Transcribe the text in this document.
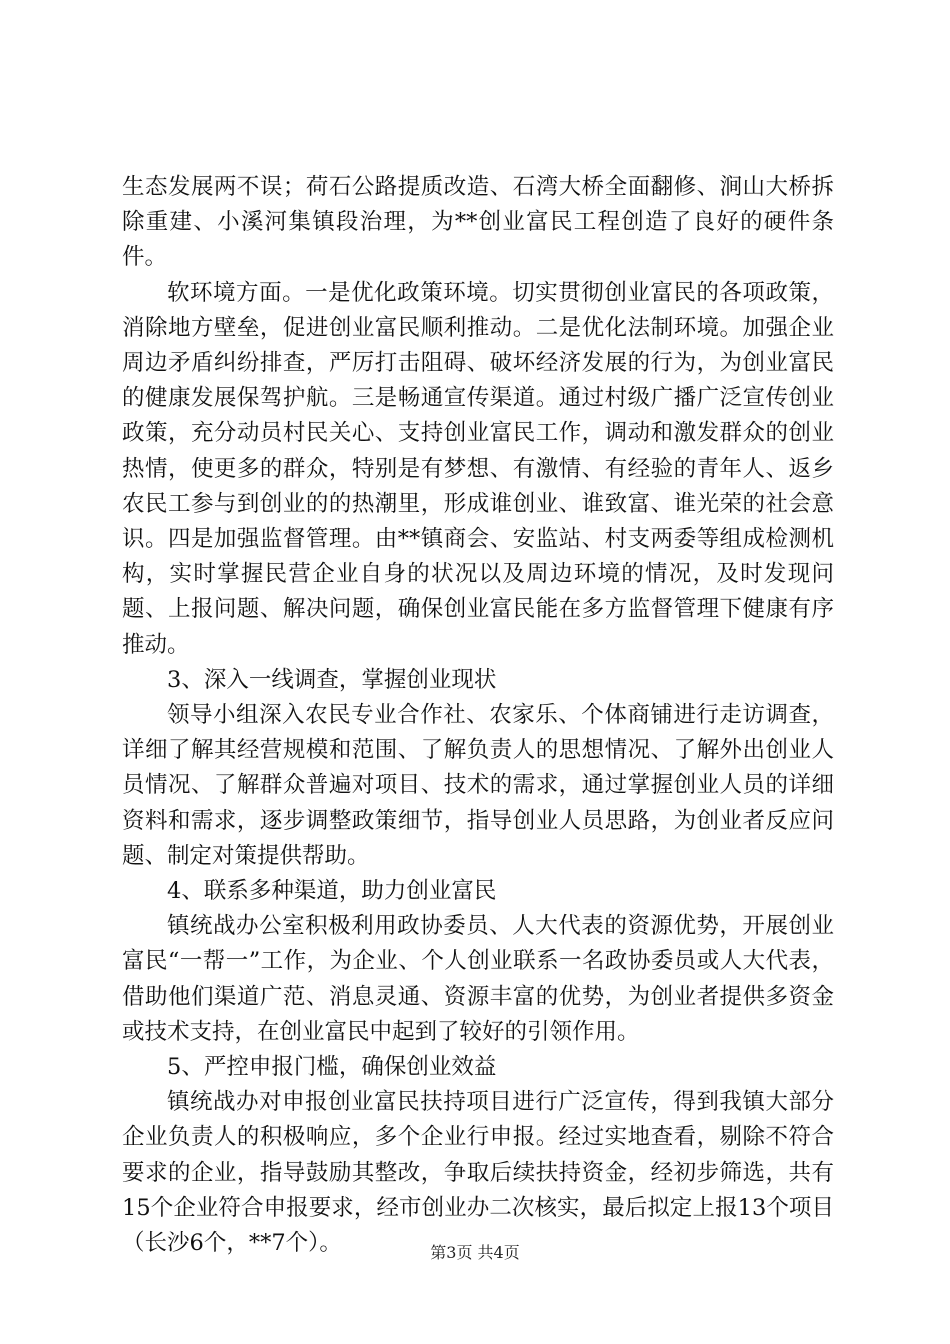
生态发展两不误；荷石公路提质改造、石湾大桥全面翻修、涧山大桥拆除重建、小溪河集镇段治理，为**创业富民工程创造了良好的硬件条件。

软环境方面。一是优化政策环境。切实贯彻创业富民的各项政策，消除地方壁垒，促进创业富民顺利推动。二是优化法制环境。加强企业周边矛盾纠纷排查，严厉打击阻碍、破坏经济发展的行为，为创业富民的健康发展保驾护航。三是畅通宣传渠道。通过村级广播广泛宣传创业政策，充分动员村民关心、支持创业富民工作，调动和激发群众的创业热情，使更多的群众，特别是有梦想、有激情、有经验的青年人、返乡农民工参与到创业的的热潮里，形成谁创业、谁致富、谁光荣的社会意识。四是加强监督管理。由**镇商会、安监站、村支两委等组成检测机构，实时掌握民营企业自身的状况以及周边环境的情况，及时发现问题、上报问题、解决问题，确保创业富民能在多方监督管理下健康有序推动。

3、深入一线调查，掌握创业现状

领导小组深入农民专业合作社、农家乐、个体商铺进行走访调查，详细了解其经营规模和范围、了解负责人的思想情况、了解外出创业人员情况、了解群众普遍对项目、技术的需求，通过掌握创业人员的详细资料和需求，逐步调整政策细节，指导创业人员思路，为创业者反应问题、制定对策提供帮助。

4、联系多种渠道，助力创业富民

镇统战办公室积极利用政协委员、人大代表的资源优势，开展创业富民“一帮一”工作，为企业、个人创业联系一名政协委员或人大代表，借助他们渠道广范、消息灵通、资源丰富的优势，为创业者提供多资金或技术支持，在创业富民中起到了较好的引领作用。

5、严控申报门槛，确保创业效益

镇统战办对申报创业富民扶持项目进行广泛宣传，得到我镇大部分企业负责人的积极响应，多个企业行申报。经过实地查看，剔除不符合要求的企业，指导鼓励其整改，争取后续扶持资金，经初步筛选，共有15个企业符合申报要求，经市创业办二次核实，最后拟定上报13个项目（长沙6个，**7个）。	第3页 共4页
